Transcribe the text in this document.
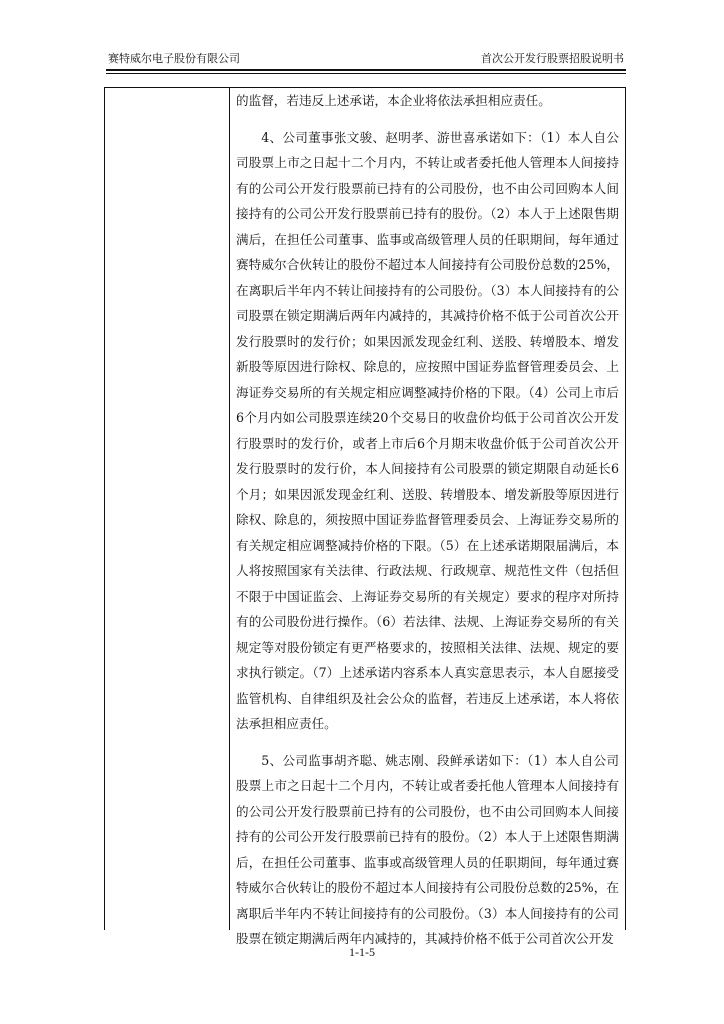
赛特威尔电子股份有限公司	首次公开发行股票招股说明书

的监督，若违反上述承诺，本企业将依法承担相应责任。

4、公司董事张文骏、赵明孝、游世喜承诺如下：（1）本人自公司股票上市之日起十二个月内，不转让或者委托他人管理本人间接持有的公司公开发行股票前已持有的公司股份，也不由公司回购本人间接持有的公司公开发行股票前已持有的股份。（2）本人于上述限售期满后，在担任公司董事、监事或高级管理人员的任职期间，每年通过赛特威尔合伙转让的股份不超过本人间接持有公司股份总数的25%，在离职后半年内不转让间接持有的公司股份。（3）本人间接持有的公司股票在锁定期满后两年内减持的，其减持价格不低于公司首次公开发行股票时的发行价；如果因派发现金红利、送股、转增股本、增发新股等原因进行除权、除息的，应按照中国证券监督管理委员会、上海证券交易所的有关规定相应调整减持价格的下限。（4）公司上市后6个月内如公司股票连续20个交易日的收盘价均低于公司首次公开发行股票时的发行价，或者上市后6个月期末收盘价低于公司首次公开发行股票时的发行价，本人间接持有公司股票的锁定期限自动延长6个月；如果因派发现金红利、送股、转增股本、增发新股等原因进行除权、除息的，须按照中国证券监督管理委员会、上海证券交易所的有关规定相应调整减持价格的下限。（5）在上述承诺期限届满后，本人将按照国家有关法律、行政法规、行政规章、规范性文件（包括但不限于中国证监会、上海证券交易所的有关规定）要求的程序对所持有的公司股份进行操作。（6）若法律、法规、上海证券交易所的有关规定等对股份锁定有更严格要求的，按照相关法律、法规、规定的要求执行锁定。（7）上述承诺内容系本人真实意思表示，本人自愿接受监管机构、自律组织及社会公众的监督，若违反上述承诺，本人将依法承担相应责任。

5、公司监事胡齐聪、姚志刚、段鲜承诺如下：（1）本人自公司股票上市之日起十二个月内，不转让或者委托他人管理本人间接持有的公司公开发行股票前已持有的公司股份，也不由公司回购本人间接持有的公司公开发行股票前已持有的股份。（2）本人于上述限售期满后，在担任公司董事、监事或高级管理人员的任职期间，每年通过赛特威尔合伙转让的股份不超过本人间接持有公司股份总数的25%，在离职后半年内不转让间接持有的公司股份。（3）本人间接持有的公司股票在锁定期满后两年内减持的，其减持价格不低于公司首次公开发

1-1-5
